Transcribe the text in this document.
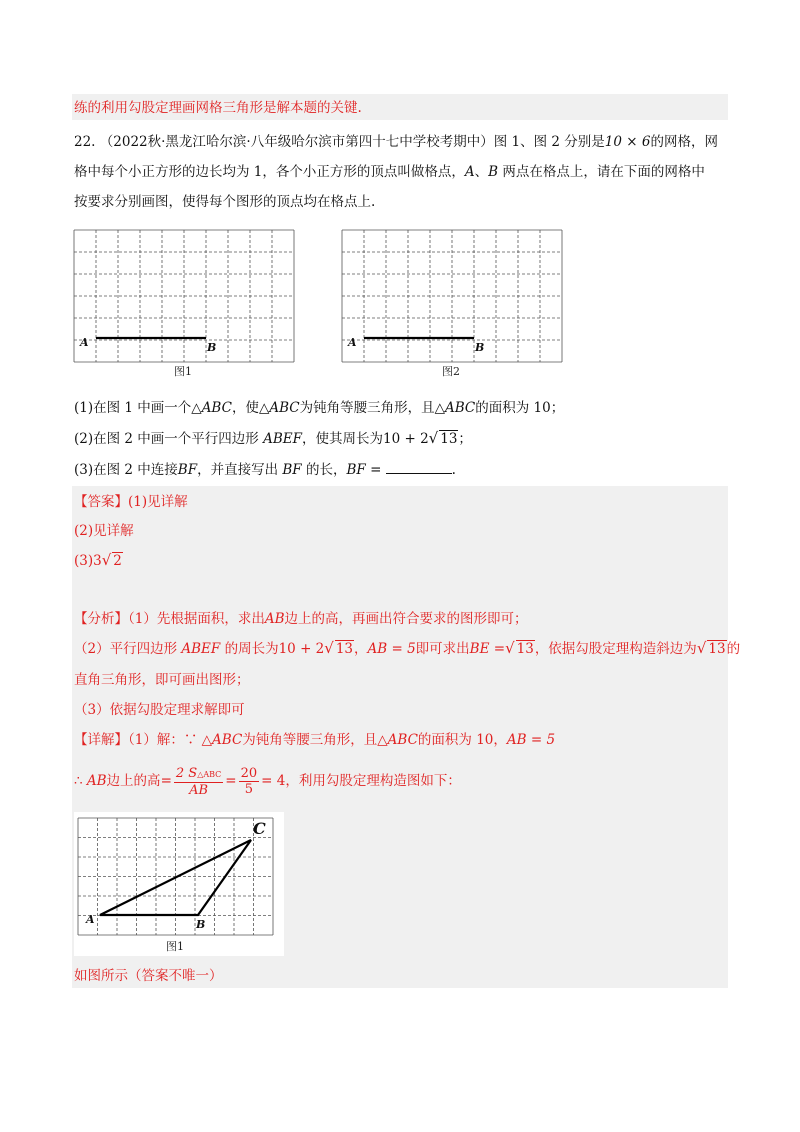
练的利用勾股定理画网格三角形是解本题的关键.
22. （2022秋·黑龙江哈尔滨·八年级哈尔滨市第四十七中学校考期中）图 1、图 2 分别是10 × 6的网格，网
格中每个小正方形的边长均为 1，各个小正方形的顶点叫做格点，A、B 两点在格点上，请在下面的网格中
按要求分别画图，使得每个图形的顶点均在格点上.
A	B
图1
A	B
图2
(1)在图 1 中画一个△ABC，使△ABC为钝角等腰三角形，且△ABC的面积为 10；
(2)在图 2 中画一个平行四边形 ABEF，使其周长为10 + 2√ 13；
(3)在图 2 中连接BF，并直接写出 BF 的长，BF =	.
【答案】(1)见详解
(2)见详解
(3)3√ 2
【分析】（1）先根据面积，求出AB边上的高，再画出符合要求的图形即可；
（2）平行四边形 ABEF 的周长为10 + 2√ 13，AB = 5即可求出BE =√ 13，依据勾股定理构造斜边为√ 13的
直角三角形，即可画出图形；
（3）依据勾股定理求解即可
【详解】（1）解：∵ △ABC为钝角等腰三角形，且△ABC的面积为 10，AB = 5
∴ AB边上的高= $\frac{\text{2 S△ABC}}{AB} = \frac{20}{5} = 4$，利用勾股定理构造图如下：
A	B
C
图1
如图所示（答案不唯一）
